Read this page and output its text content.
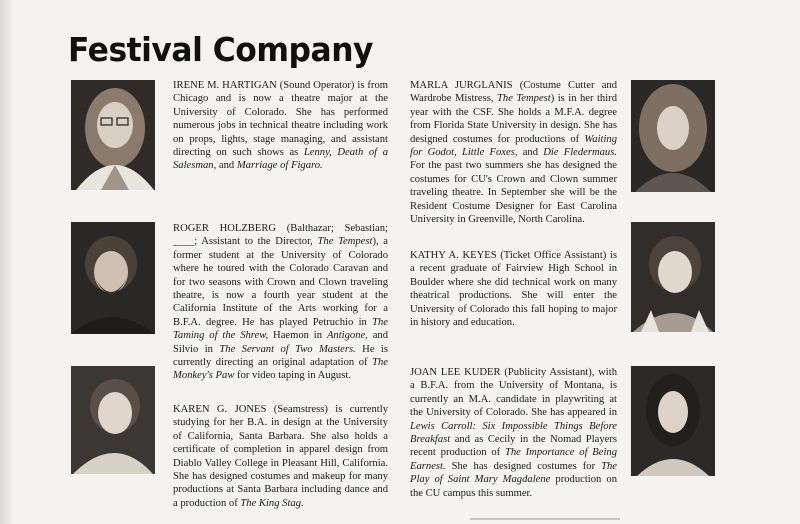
Festival Company

IRENE M. HARTIGAN (Sound Operator) is from Chicago and is now a theatre major at the University of Colorado. She has performed numerous jobs in technical theatre including work on props, lights, stage managing, and assistant directing on such shows as Lenny, Death of a Salesman, and Marriage of Figaro.

ROGER HOLZBERG (Balthazar; Sebastian; ____; Assistant to the Director, The Tempest), a former student at the University of Colorado where he toured with the Colorado Caravan and for two seasons with Crown and Clown traveling theatre, is now a fourth year student at the California Institute of the Arts working for a B.F.A. degree. He has played Petruchio in The Taming of the Shrew, Haemon in Antigone, and Silvio in The Servant of Two Masters. He is currently directing an original adaptation of The Monkey's Paw for video taping in August.

KAREN G. JONES (Seamstress) is currently studying for her B.A. in design at the University of California, Santa Barbara. She also holds a certificate of completion in apparel design from Diablo Valley College in Pleasant Hill, California. She has designed costumes and makeup for many productions at Santa Barbara including dance and a production of The King Stag.

MARLA JURGLANIS (Costume Cutter and Wardrobe Mistress, The Tempest) is in her third year with the CSF. She holds a M.F.A. degree from Florida State University in design. She has designed costumes for productions of Waiting for Godot, Little Foxes, and Die Fledermaus. For the past two summers she has designed the costumes for CU's Crown and Clown summer traveling theatre. In September she will be the Resident Costume Designer for East Carolina University in Greenville, North Carolina.

KATHY A. KEYES (Ticket Office Assistant) is a recent graduate of Fairview High School in Boulder where she did technical work on many theatrical productions. She will enter the University of Colorado this fall hoping to major in history and education.

JOAN LEE KUDER (Publicity Assistant), with a B.F.A. from the University of Montana, is currently an M.A. candidate in playwriting at the University of Colorado. She has appeared in Lewis Carroll: Six Impossible Things Before Breakfast and as Cecily in the Nomad Players recent production of The Importance of Being Earnest. She has designed costumes for The Play of Saint Mary Magdalene production on the CU campus this summer.
